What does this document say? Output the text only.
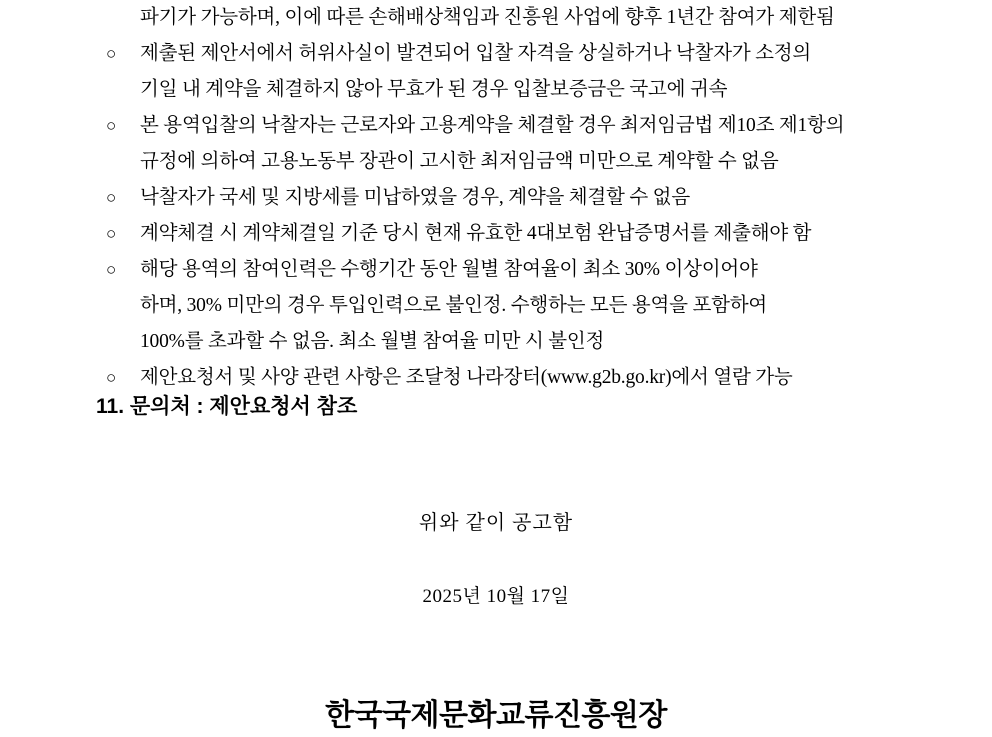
파기가 가능하며, 이에 따른 손해배상책임과 진흥원 사업에 향후 1년간 참여가 제한됨

○	제출된 제안서에서 허위사실이 발견되어 입찰 자격을 상실하거나 낙찰자가 소정의
기일 내 계약을 체결하지 않아 무효가 된 경우 입찰보증금은 국고에 귀속
○	본 용역입찰의 낙찰자는 근로자와 고용계약을 체결할 경우 최저임금법 제10조 제1항의
규정에 의하여 고용노동부 장관이 고시한 최저임금액 미만으로 계약할 수 없음
○	낙찰자가 국세 및 지방세를 미납하였을 경우, 계약을 체결할 수 없음
○	계약체결 시 계약체결일 기준 당시 현재 유효한 4대보험 완납증명서를 제출해야 함
○	해당 용역의 참여인력은 수행기간 동안 월별 참여율이 최소 30% 이상이어야
하며, 30% 미만의 경우 투입인력으로 불인정. 수행하는 모든 용역을 포함하여
100%를 초과할 수 없음. 최소 월별 참여율 미만 시 불인정
○	제안요청서 및 사양 관련 사항은 조달청 나라장터(www.g2b.go.kr)에서 열람 가능
11. 문의처 : 제안요청서 참조
위와 같이 공고함
2025년 10월 17일
한국국제문화교류진흥원장
